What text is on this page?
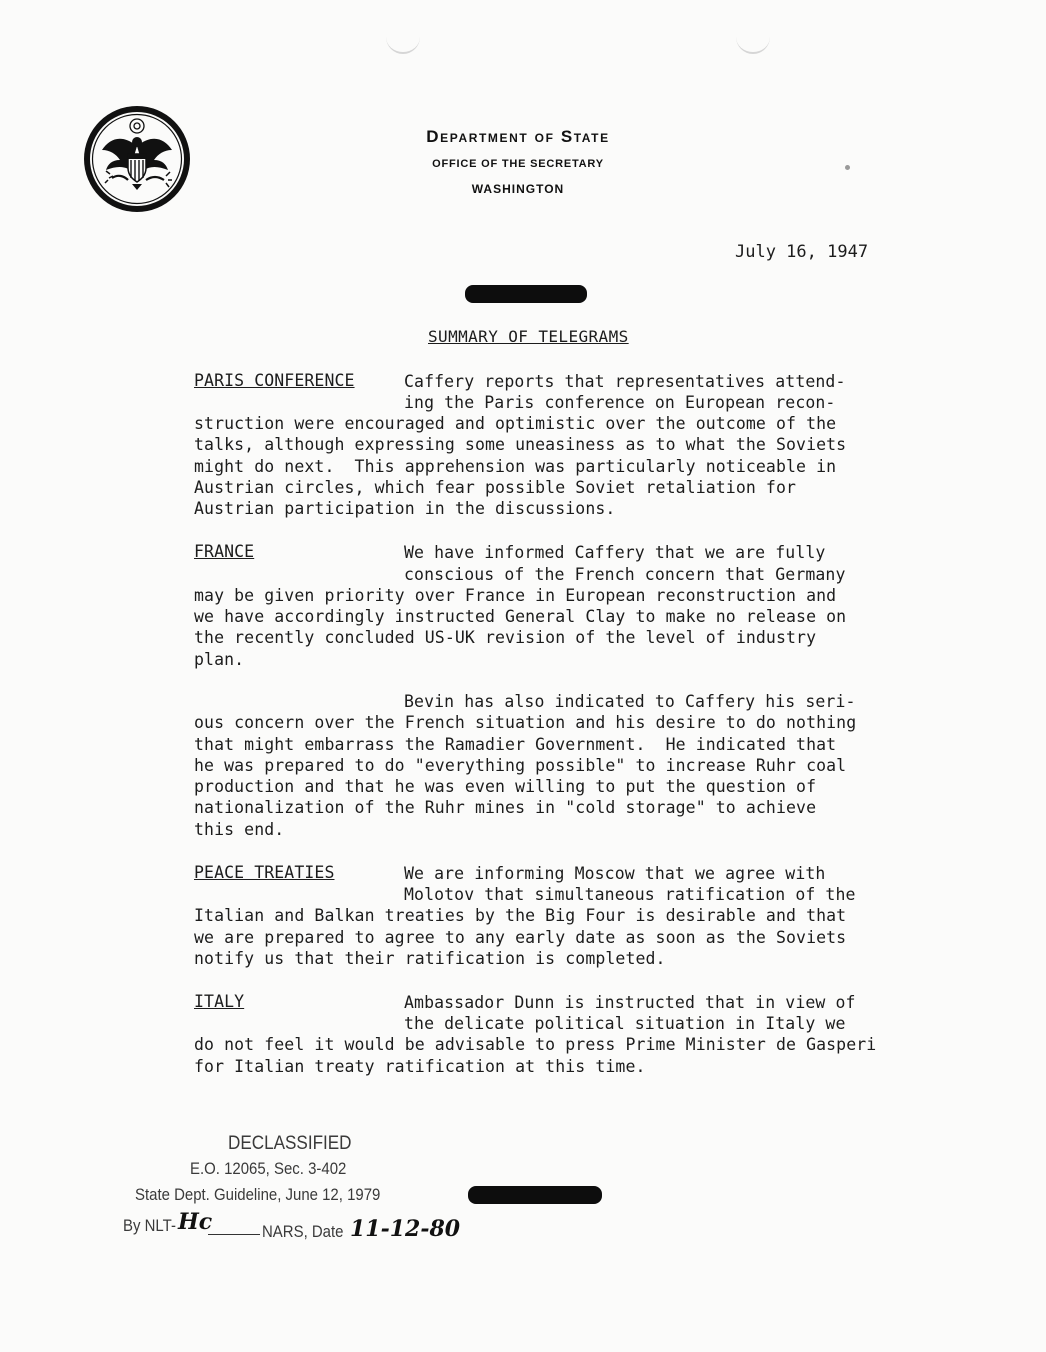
Department of State
OFFICE OF THE SECRETARY
WASHINGTON
July 16, 1947
SUMMARY OF TELEGRAMS
PARIS CONFERENCE	Caffery reports that representatives attend-
ing the Paris conference on European recon-
struction were encouraged and optimistic over the outcome of the
talks, although expressing some uneasiness as to what the Soviets
might do next.  This apprehension was particularly noticeable in
Austrian circles, which fear possible Soviet retaliation for
Austrian participation in the discussions.
FRANCE	We have informed Caffery that we are fully
conscious of the French concern that Germany
may be given priority over France in European reconstruction and
we have accordingly instructed General Clay to make no release on
the recently concluded US-UK revision of the level of industry
plan.
Bevin has also indicated to Caffery his seri-
ous concern over the French situation and his desire to do nothing
that might embarrass the Ramadier Government.  He indicated that
he was prepared to do "everything possible" to increase Ruhr coal
production and that he was even willing to put the question of
nationalization of the Ruhr mines in "cold storage" to achieve
this end.
PEACE TREATIES	We are informing Moscow that we agree with
Molotov that simultaneous ratification of the
Italian and Balkan treaties by the Big Four is desirable and that
we are prepared to agree to any early date as soon as the Soviets
notify us that their ratification is completed.
ITALY	Ambassador Dunn is instructed that in view of
the delicate political situation in Italy we
do not feel it would be advisable to press Prime Minister de Gasperi
for Italian treaty ratification at this time.
DECLASSIFIED
E.O. 12065, Sec. 3-402
State Dept. Guideline, June 12, 1979
By NLT- Hc	NARS, Date 11-12-80
